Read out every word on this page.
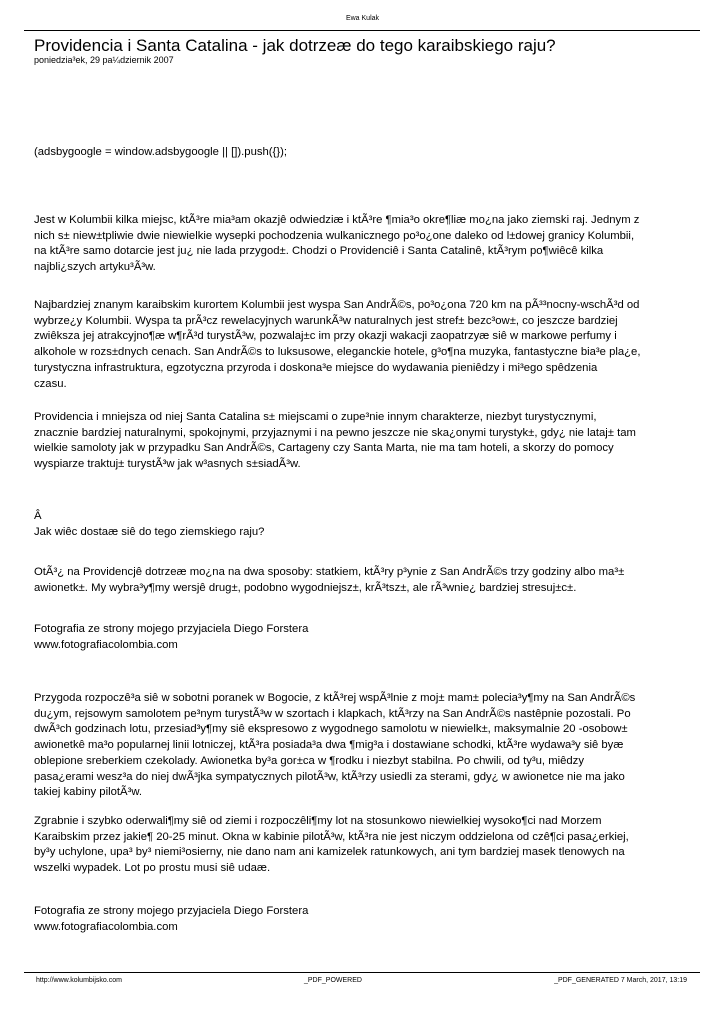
Ewa Kulak
Providencia i Santa Catalina - jak dotrzeæ do tego karaibskiego raju?
poniedzia³ek, 29 pa¼dziernik 2007
(adsbygoogle = window.adsbygoogle || []).push({});
Jest w Kolumbii kilka miejsc, ktÃ³re mia³am okazjê odwiedziæ i ktÃ³re ¶mia³o okre¶liæ mo¿na jako ziemski raj. Jednym z
nich s± niew±tpliwie dwie niewielkie wysepki pochodzenia wulkanicznego po³o¿one daleko od l±dowej granicy Kolumbii,
na ktÃ³re samo dotarcie jest ju¿ nie lada przygod±. Chodzi o Providenciê i Santa Catalinê, ktÃ³rym po¶wiêcê kilka
najbli¿szych artyku³Ã³w.
Najbardziej znanym karaibskim kurortem Kolumbii jest wyspa San AndrÃ©s, po³o¿ona 720 km na pÃ³³nocny-wschÃ³d od
wybrze¿y Kolumbii. Wyspa ta prÃ³cz rewelacyjnych warunkÃ³w naturalnych jest stref± bezc³ow±, co jeszcze bardziej
zwiêksza jej atrakcyjno¶æ w¶rÃ³d turystÃ³w, pozwalaj±c im przy okazji wakacji zaopatrzyæ siê w markowe perfumy i
alkohole w rozs±dnych cenach. San AndrÃ©s to luksusowe, eleganckie hotele, g³o¶na muzyka, fantastyczne bia³e pla¿e,
turystyczna infrastruktura, egzotyczna przyroda i doskona³e miejsce do wydawania pieniêdzy i mi³ego spêdzenia
czasu.
Providencia i mniejsza od niej Santa Catalina s± miejscami o zupe³nie innym charakterze, niezbyt turystycznymi,
znacznie bardziej naturalnymi, spokojnymi, przyjaznymi i na pewno jeszcze nie ska¿onymi turystyk±, gdy¿ nie lataj± tam
wielkie samoloty jak w przypadku San AndrÃ©s, Cartageny czy Santa Marta, nie ma tam hoteli, a skorzy do pomocy
wyspiarze traktuj± turystÃ³w jak w³asnych s±siadÃ³w.
Â
Jak wiêc dostaæ siê do tego ziemskiego raju?
OtÃ³¿ na Providencjê dotrzeæ mo¿na na dwa sposoby: statkiem, ktÃ³ry p³ynie z San AndrÃ©s trzy godziny albo ma³±
awionetk±. My wybra³y¶my wersjê drug±, podobno wygodniejsz±, krÃ³tsz±, ale rÃ³wnie¿ bardziej stresuj±c±.
Fotografia ze strony mojego przyjaciela Diego Forstera
www.fotografiacolombia.com
Przygoda rozpoczê³a siê w sobotni poranek w Bogocie, z ktÃ³rej wspÃ³lnie z moj± mam± polecia³y¶my na San AndrÃ©s
du¿ym, rejsowym samolotem pe³nym turystÃ³w w szortach i klapkach, ktÃ³rzy na San AndrÃ©s nastêpnie pozostali. Po
dwÃ³ch godzinach lotu, przesiad³y¶my siê ekspresowo z wygodnego samolotu w niewielk±, maksymalnie 20 -osobow±
awionetkê ma³o popularnej linii lotniczej, ktÃ³ra posiada³a dwa ¶mig³a i dostawiane schodki, ktÃ³re wydawa³y siê byæ
oblepione sreberkiem czekolady. Awionetka by³a gor±ca w ¶rodku i niezbyt stabilna. Po chwili, od ty³u, miêdzy
pasa¿erami wesz³a do niej dwÃ³jka sympatycznych pilotÃ³w, ktÃ³rzy usiedli za sterami, gdy¿ w awionetce nie ma jako
takiej kabiny pilotÃ³w.
Zgrabnie i szybko oderwali¶my siê od ziemi i rozpoczêli¶my lot na stosunkowo niewielkiej wysoko¶ci nad Morzem
Karaibskim przez jakie¶ 20-25 minut. Okna w kabinie pilotÃ³w, ktÃ³ra nie jest niczym oddzielona od czê¶ci pasa¿erkiej,
by³y uchylone, upa³ by³ niemi³osierny, nie dano nam ani kamizelek ratunkowych, ani tym bardziej masek tlenowych na
wszelki wypadek. Lot po prostu musi siê udaæ.
Fotografia ze strony mojego przyjaciela Diego Forstera
www.fotografiacolombia.com
http://www.kolumbijsko.com	_PDF_POWERED	_PDF_GENERATED 7 March, 2017, 13:19
